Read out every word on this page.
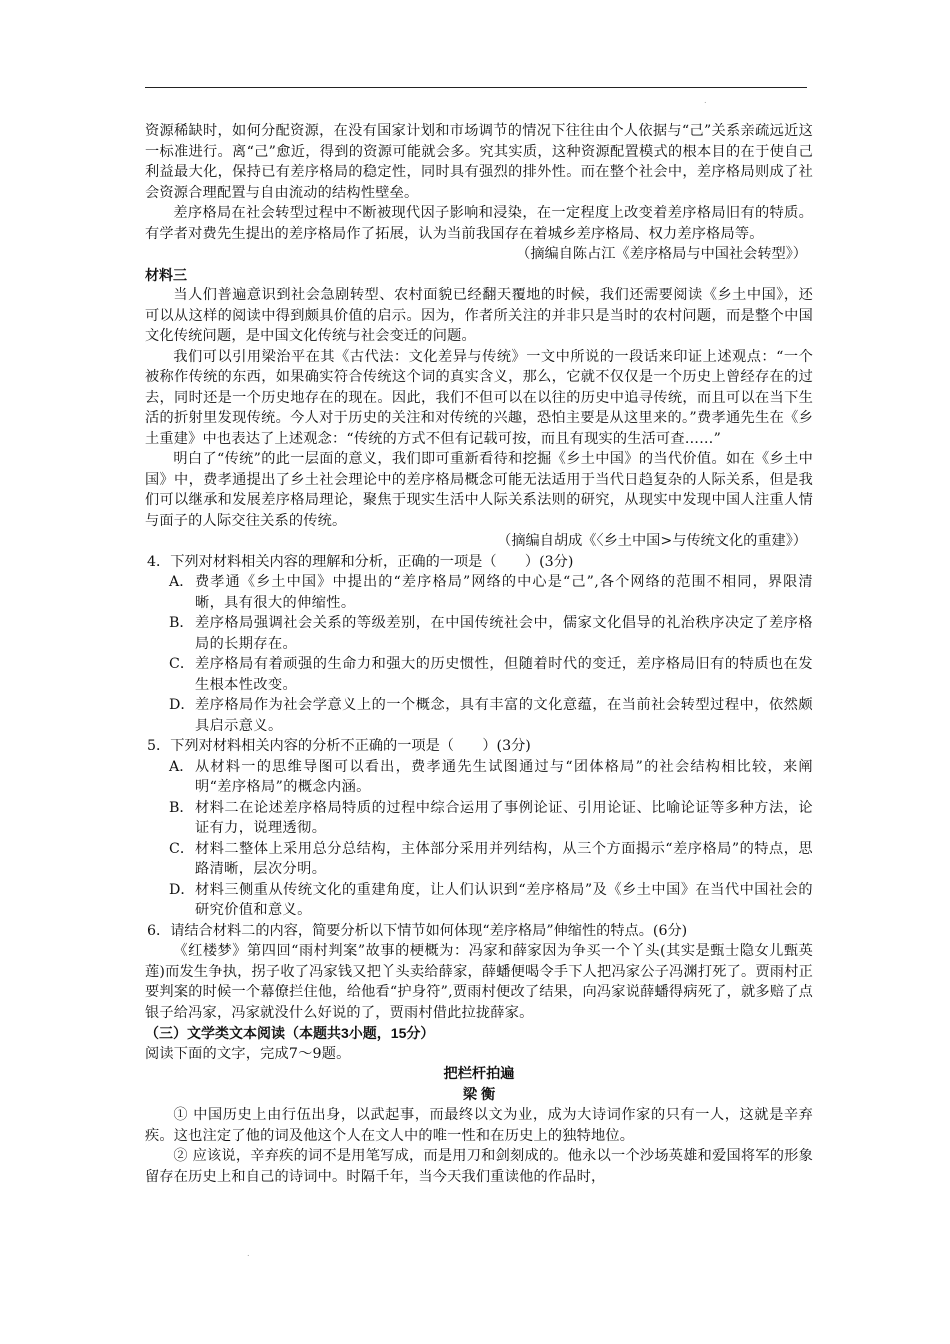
.
.

资源稀缺时，如何分配资源，在没有国家计划和市场调节的情况下往往由个人依据与“己”关系亲疏远近这一标准进行。离“己”愈近，得到的资源可能就会多。究其实质，这种资源配置模式的根本目的在于使自己利益最大化，保持已有差序格局的稳定性，同时具有强烈的排外性。而在整个社会中，差序格局则成了社会资源合理配置与自由流动的结构性壁垒。

差序格局在社会转型过程中不断被现代因子影响和浸染，在一定程度上改变着差序格局旧有的特质。有学者对费先生提出的差序格局作了拓展，认为当前我国存在着城乡差序格局、权力差序格局等。

（摘编自陈占江《差序格局与中国社会转型》）

材料三

当人们普遍意识到社会急剧转型、农村面貌已经翻天覆地的时候，我们还需要阅读《乡土中国》，还可以从这样的阅读中得到颇具价值的启示。因为，作者所关注的并非只是当时的农村问题，而是整个中国文化传统问题，是中国文化传统与社会变迁的问题。

我们可以引用梁治平在其《古代法：文化差异与传统》一文中所说的一段话来印证上述观点：“一个被称作传统的东西，如果确实符合传统这个词的真实含义，那么，它就不仅仅是一个历史上曾经存在的过去，同时还是一个历史地存在的现在。因此，我们不但可以在以往的历史中追寻传统，而且可以在当下生活的折射里发现传统。今人对于历史的关注和对传统的兴趣，恐怕主要是从这里来的。”费孝通先生在《乡土重建》中也表达了上述观念：“传统的方式不但有记载可按，而且有现实的生活可查……”

明白了“传统”的此一层面的意义，我们即可重新看待和挖掘《乡土中国》的当代价值。如在《乡土中国》中，费孝通提出了乡土社会理论中的差序格局概念可能无法适用于当代日趋复杂的人际关系，但是我们可以继承和发展差序格局理论，聚焦于现实生活中人际关系法则的研究，从现实中发现中国人注重人情与面子的人际交往关系的传统。

（摘编自胡成《〈乡土中国>与传统文化的重建》）

4．下列对材料相关内容的理解和分析，正确的一项是（　　）(3分)

A． 费孝通《乡土中国》中提出的“差序格局”网络的中心是“己”,各个网络的范围不相同，界限清晰，具有很大的伸缩性。
B． 差序格局强调社会关系的等级差别，在中国传统社会中，儒家文化倡导的礼治秩序决定了差序格局的长期存在。
C． 差序格局有着顽强的生命力和强大的历史惯性，但随着时代的变迁，差序格局旧有的特质也在发生根本性改变。
D． 差序格局作为社会学意义上的一个概念，具有丰富的文化意蕴，在当前社会转型过程中，依然颇具启示意义。

5．下列对材料相关内容的分析不正确的一项是（　　）(3分)

A． 从材料一的思维导图可以看出，费孝通先生试图通过与“团体格局”的社会结构相比较，来阐明“差序格局”的概念内涵。
B． 材料二在论述差序格局特质的过程中综合运用了事例论证、引用论证、比喻论证等多种方法，论证有力，说理透彻。
C． 材料二整体上采用总分总结构，主体部分采用并列结构，从三个方面揭示“差序格局”的特点，思路清晰，层次分明。
D． 材料三侧重从传统文化的重建角度，让人们认识到“差序格局”及《乡土中国》在当代中国社会的研究价值和意义。

6．请结合材料二的内容，简要分析以下情节如何体现“差序格局”伸缩性的特点。(6分)

《红楼梦》第四回“雨村判案”故事的梗概为：冯家和薛家因为争买一个丫头(其实是甄士隐女儿甄英莲)而发生争执，拐子收了冯家钱又把丫头卖给薛家，薛蟠便喝令手下人把冯家公子冯渊打死了。贾雨村正要判案的时候一个幕僚拦住他，给他看“护身符”,贾雨村便改了结果，向冯家说薛蟠得病死了，就多赔了点银子给冯家，冯家就没什么好说的了，贾雨村借此拉拢薛家。

（三）文学类文本阅读（本题共3小题，15分）

阅读下面的文字，完成7～9题。

把栏杆拍遍

梁 衡

① 中国历史上由行伍出身，以武起事，而最终以文为业，成为大诗词作家的只有一人，这就是辛弃疾。这也注定了他的词及他这个人在文人中的唯一性和在历史上的独特地位。

② 应该说，辛弃疾的词不是用笔写成，而是用刀和剑刻成的。他永以一个沙场英雄和爱国将军的形象留存在历史上和自己的诗词中。时隔千年，当今天我们重读他的作品时，
